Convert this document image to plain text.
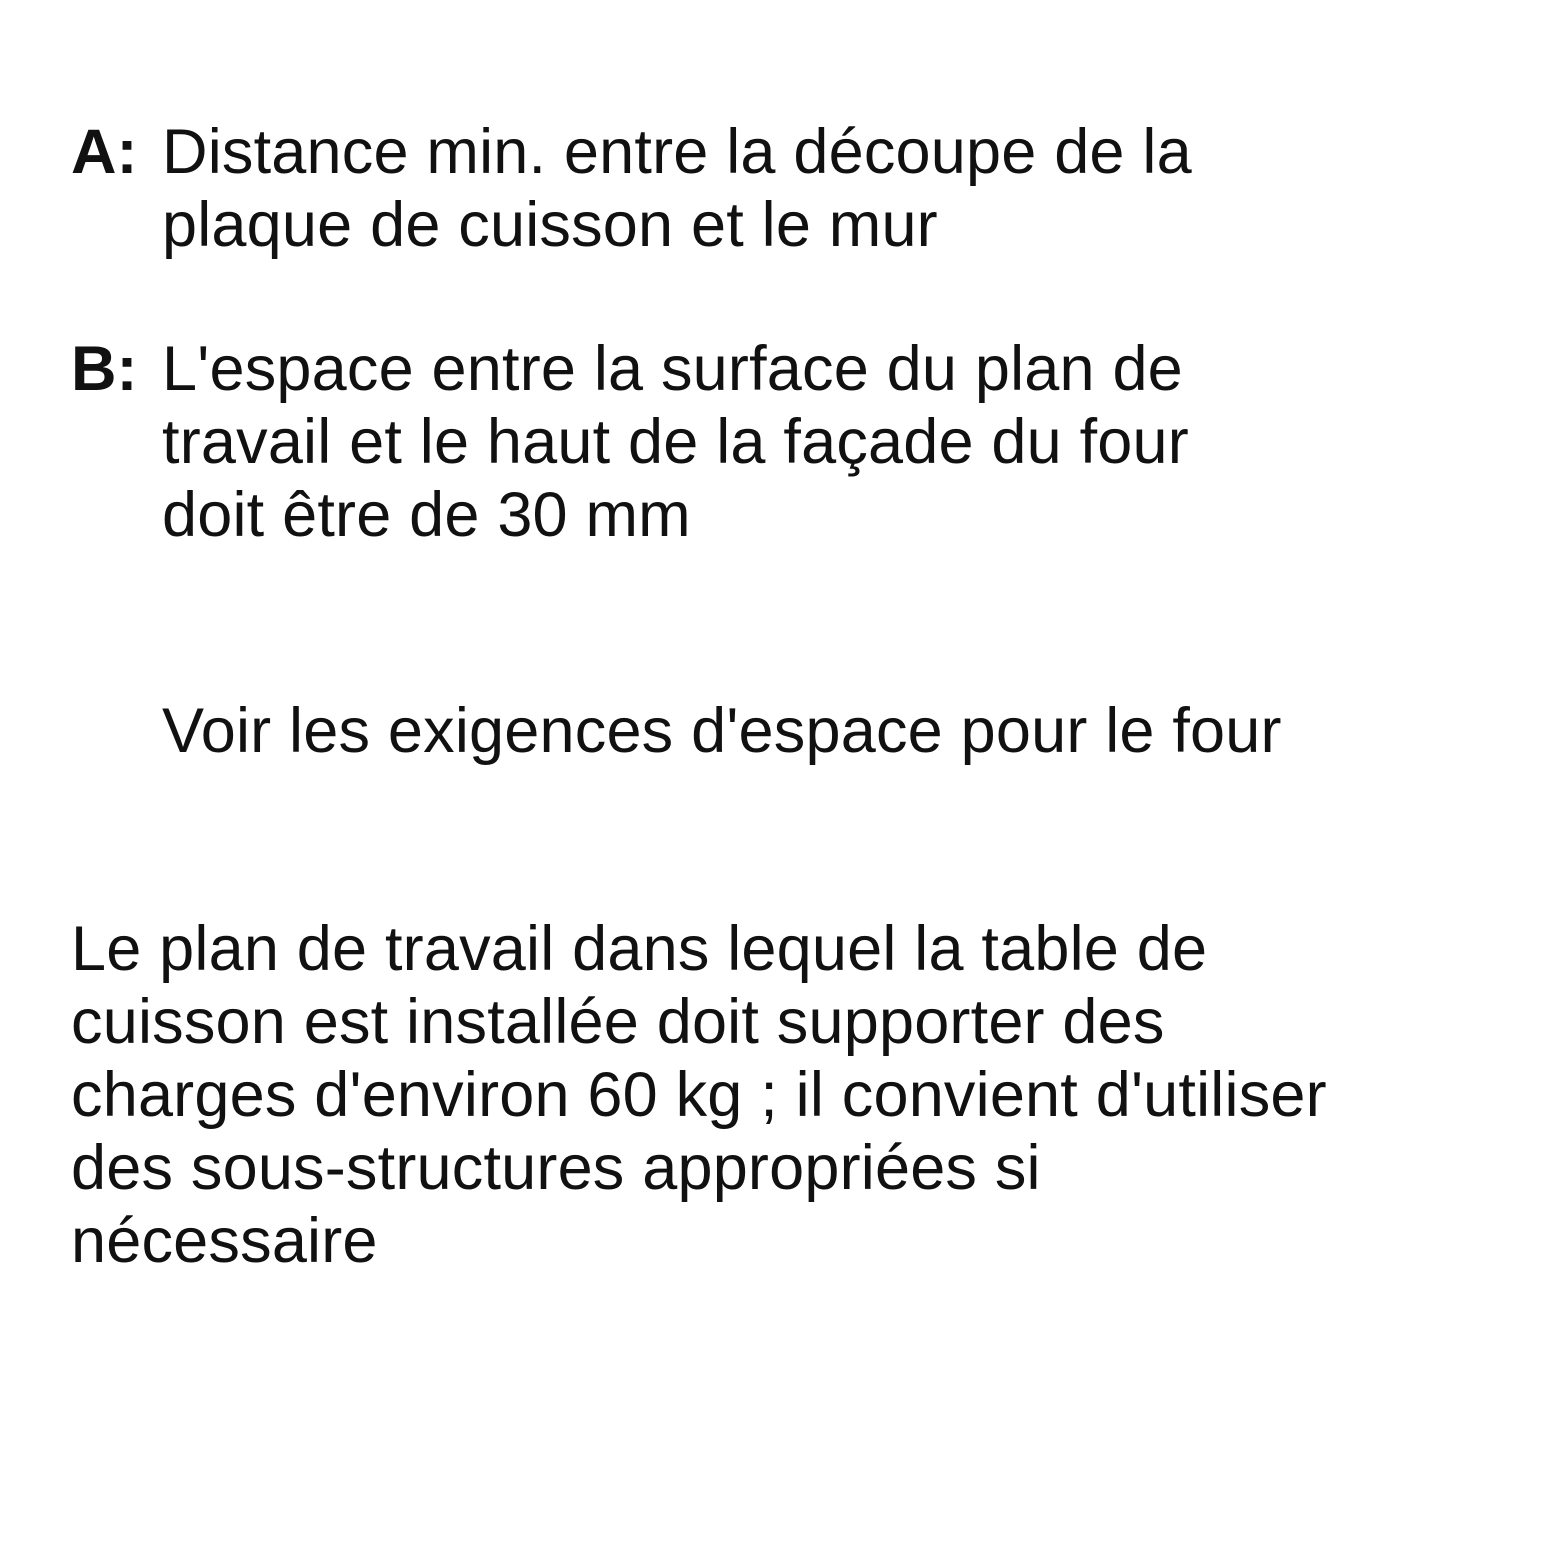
A: Distance min. entre la découpe de la
plaque de cuisson et le mur
B: L'espace entre la surface du plan de
travail et le haut de la façade du four
doit être de 30 mm
Voir les exigences d'espace pour le four
Le plan de travail dans lequel la table de
cuisson est installée doit supporter des
charges d'environ 60 kg ; il convient d'utiliser
des sous-structures appropriées si
nécessaire
